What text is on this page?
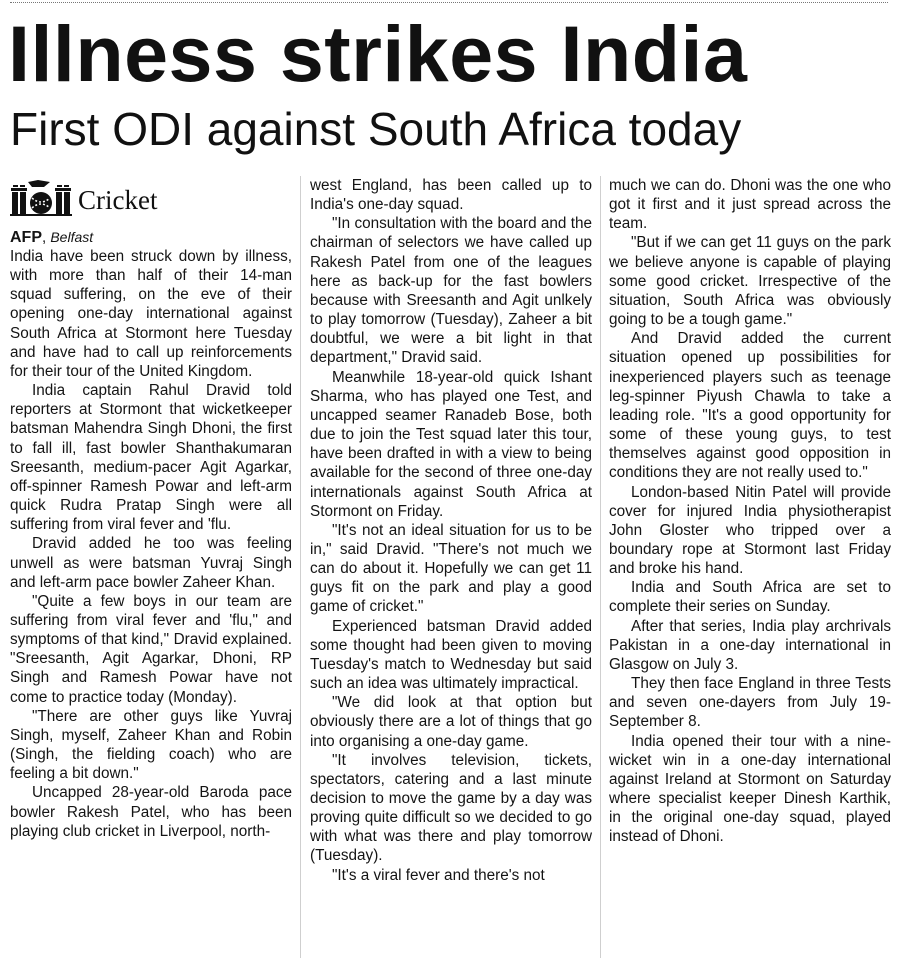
Illness strikes India
First ODI against South Africa today
Cricket

AFP, Belfast

India have been struck down by illness, with more than half of their 14-man squad suffering, on the eve of their opening one-day international against South Africa at Stormont here Tuesday and have had to call up reinforcements for their tour of the United Kingdom.

India captain Rahul Dravid told reporters at Stormont that wicketkeeper batsman Mahendra Singh Dhoni, the first to fall ill, fast bowler Shanthakumaran Sreesanth, medium-pacer Agit Agarkar, off-spinner Ramesh Powar and left-arm quick Rudra Pratap Singh were all suffering from viral fever and 'flu.

Dravid added he too was feeling unwell as were batsman Yuvraj Singh and left-arm pace bowler Zaheer Khan.

"Quite a few boys in our team are suffering from viral fever and 'flu," and symptoms of that kind," Dravid explained. "Sreesanth, Agit Agarkar, Dhoni, RP Singh and Ramesh Powar have not come to practice today (Monday).

"There are other guys like Yuvraj Singh, myself, Zaheer Khan and Robin (Singh, the fielding coach) who are feeling a bit down."

Uncapped 28-year-old Baroda pace bowler Rakesh Patel, who has been playing club cricket in Liverpool, north-

west England, has been called up to India's one-day squad.

"In consultation with the board and the chairman of selectors we have called up Rakesh Patel from one of the leagues here as back-up for the fast bowlers because with Sreesanth and Agit unlkely to play tomorrow (Tuesday), Zaheer a bit doubtful, we were a bit light in that department," Dravid said.

Meanwhile 18-year-old quick Ishant Sharma, who has played one Test, and uncapped seamer Ranadeb Bose, both due to join the Test squad later this tour, have been drafted in with a view to being available for the second of three one-day internationals against South Africa at Stormont on Friday.

"It's not an ideal situation for us to be in," said Dravid. "There's not much we can do about it. Hopefully we can get 11 guys fit on the park and play a good game of cricket."

Experienced batsman Dravid added some thought had been given to moving Tuesday's match to Wednesday but said such an idea was ultimately impractical.

"We did look at that option but obviously there are a lot of things that go into organising a one-day game.

"It involves television, tickets, spectators, catering and a last minute decision to move the game by a day was proving quite difficult so we decided to go with what was there and play tomorrow (Tuesday).

"It's a viral fever and there's not

much we can do. Dhoni was the one who got it first and it just spread across the team.

"But if we can get 11 guys on the park we believe anyone is capable of playing some good cricket. Irrespective of the situation, South Africa was obviously going to be a tough game."

And Dravid added the current situation opened up possibilities for inexperienced players such as teenage leg-spinner Piyush Chawla to take a leading role. "It's a good opportunity for some of these young guys, to test themselves against good opposition in conditions they are not really used to."

London-based Nitin Patel will provide cover for injured India physiotherapist John Gloster who tripped over a boundary rope at Stormont last Friday and broke his hand.

India and South Africa are set to complete their series on Sunday.

After that series, India play archrivals Pakistan in a one-day international in Glasgow on July 3.

They then face England in three Tests and seven one-dayers from July 19-September 8.

India opened their tour with a nine-wicket win in a one-day international against Ireland at Stormont on Saturday where specialist keeper Dinesh Karthik, in the original one-day squad, played instead of Dhoni.
